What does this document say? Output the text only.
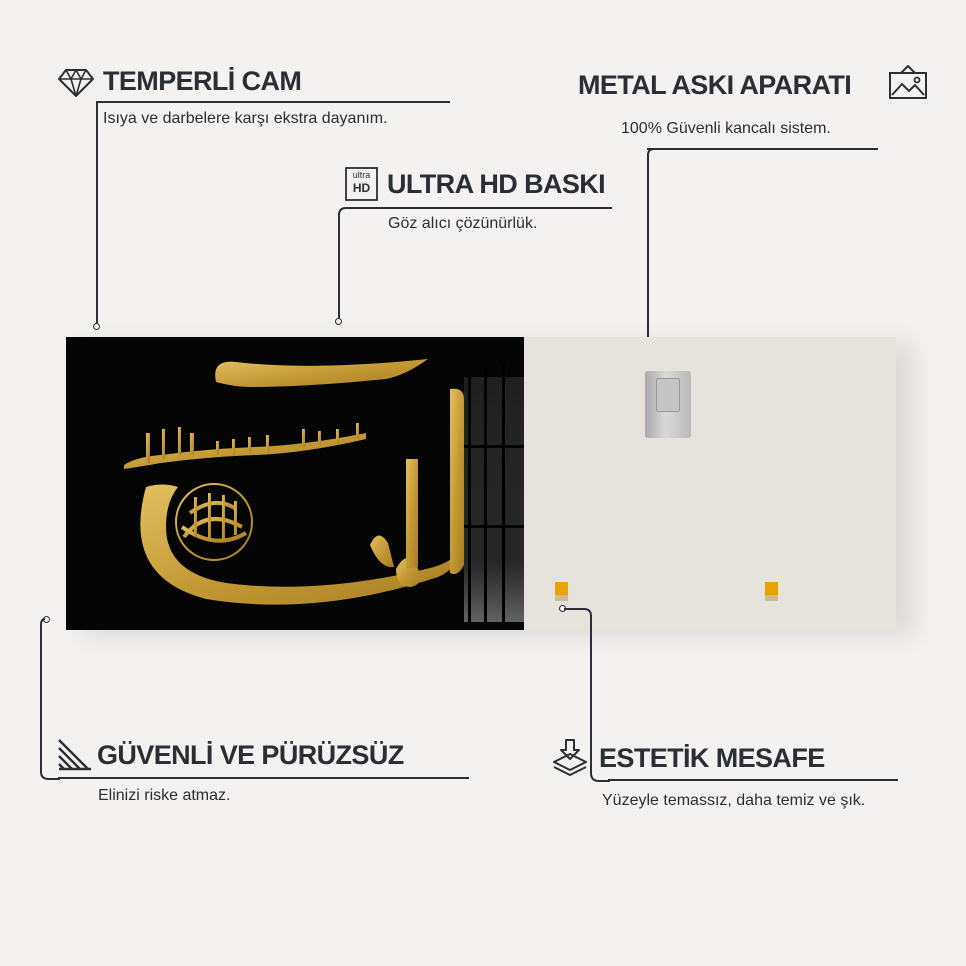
TEMPERLİ CAM
Isıya ve darbelere karşı ekstra dayanım.
METAL ASKI APARATI
100% Güvenli kancalı sistem.
ultra
HD ULTRA HD BASKI
Göz alıcı çözünürlük.
GÜVENLİ VE PÜRÜZSÜZ
Elinizi riske atmaz.
ESTETİK MESAFE
Yüzeyle temassız, daha temiz ve şık.
